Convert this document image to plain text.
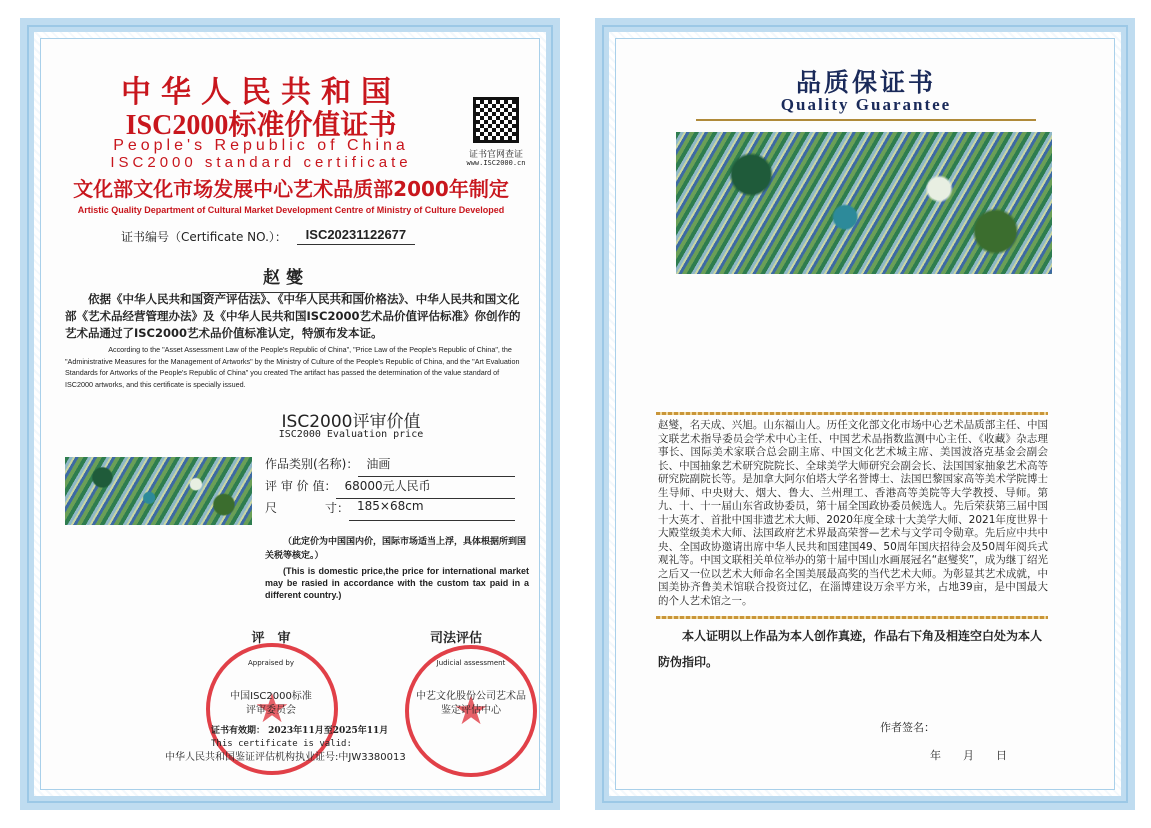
中华人民共和国
ISC2000标准价值证书
People's Republic of China
ISC2000 standard certificate	证书官网查证
www.ISC2000.cn
文化部文化市场发展中心艺术品质部2000年制定
Artistic Quality Department of Cultural Market Development Centre of Ministry of Culture Developed
证书编号（Certificate NO.）：	ISC20231122677
赵 燮
依据《中华人民共和国资产评估法》、《中华人民共和国价格法》、中华人民共和国文化部《艺术品经营管理办法》及《中华人民共和国ISC2000艺术品价值评估标准》你创作的艺术品通过了ISC2000艺术品价值标准认定，特颁布发本证。
According to the "Asset Assessment Law of the People's Republic of China", "Price Law of the People's Republic of China", the "Administrative Measures for the Management of Artworks" by the Ministry of Culture of the People's Republic of China, and the "Art Evaluation Standards for Artworks of the People's Republic of China" you created The artifact has passed the determination of the value standard of ISC2000 artworks, and this certificate is specially issued.
ISC2000评审价值
ISC2000 Evaluation price
作品类别(名称)： 油画
评 审 价 值： 68000元人民币
尺　　　　寸： 185×68cm
（此定价为中国国内价，国际市场适当上浮，具体根据所到国关税等核定。）
(This is domestic price,the price for international market may be rasied in accordance with the custom tax paid in a different country.)
评　审	司法评估
★
★
Appraised by
中国ISC2000标准
评审委员会
Judicial assessment
中艺文化股份公司艺术品
鉴定评估中心
证书有效期： 2023年11月至2025年11月
This certificate is valid:
中华人民共和国鉴证评估机构执业证号:中JW3380013
品质保证书
Quality Guarantee
赵燮，名天成、兴旭。山东福山人。历任文化部文化市场中心艺术品质部主任、中国文联艺术指导委员会学术中心主任、中国艺术品指数监测中心主任、《收藏》杂志理事长、国际美术家联合总会副主席、中国文化艺术城主席、美国波洛克基金会副会长、中国抽象艺术研究院院长、全球美学大师研究会副会长、法国国家抽象艺术高等研究院副院长等。是加拿大阿尔伯塔大学名誉博士、法国巴黎国家高等美术学院博士生导师、中央财大、烟大、鲁大、兰州理工、香港高等美院等大学教授、导师。第九、十、十一届山东省政协委员，第十届全国政协委员候选人。先后荣获第三届中国十大英才、首批中国非遗艺术大师、2020年度全球十大美学大师、2021年度世界十大殿堂级美术大师、法国政府艺术界最高荣誉—艺术与文学司令勋章。先后应中共中央、全国政协邀请出席中华人民共和国建国49、50周年国庆招待会及50周年阅兵式观礼等。中国文联相关单位举办的第十届中国山水画展冠名“赵燮奖”，成为继丁绍光之后又一位以艺术大师命名全国美展最高奖的当代艺术大师。为彰显其艺术成就，中国美协齐鲁美术馆联合投资过亿，在淄博建设万余平方米，占地39亩，是中国最大的个人艺术馆之一。
本人证明以上作品为本人创作真迹，作品右下角及相连空白处为本人防伪指印。
作者签名：
年　　月　　日
